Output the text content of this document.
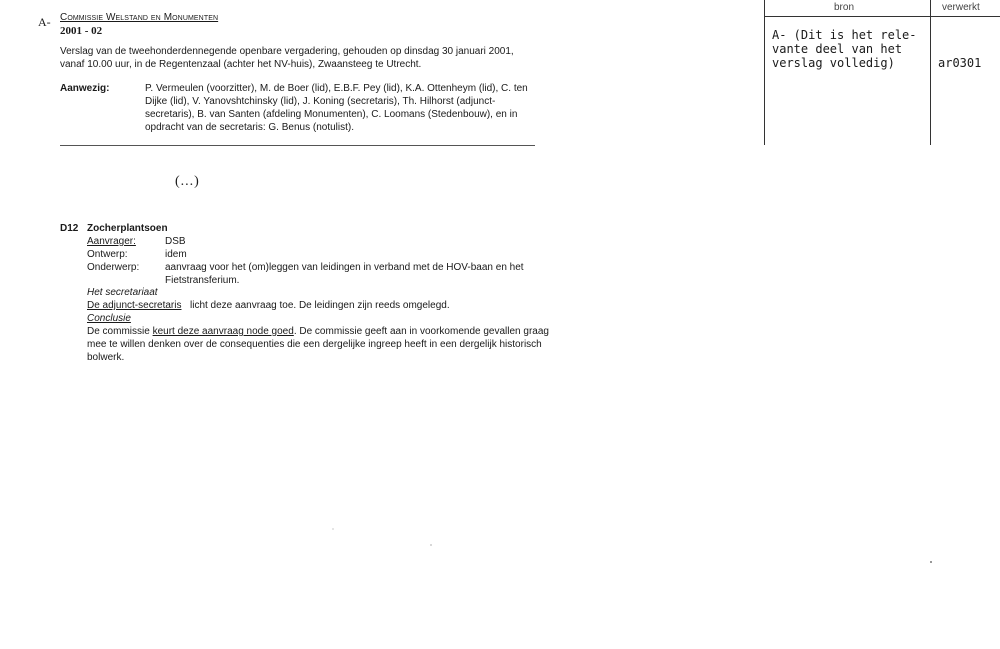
A- Commissie Welstand en Monumenten
2001 - 02
Verslag van de tweehonderdennegende openbare vergadering, gehouden op dinsdag 30 januari 2001, vanaf 10.00 uur, in de Regentenzaal (achter het NV-huis), Zwaansteeg te Utrecht.
Aanwezig:	P. Vermeulen (voorzitter), M. de Boer (lid), E.B.F. Pey (lid), K.A. Ottenheym (lid), C. ten Dijke (lid), V. Yanovshtchinsky (lid), J. Koning (secretaris), Th. Hilhorst (adjunct-secretaris), B. van Santen (afdeling Monumenten), C. Loomans (Stedenbouw), en in opdracht van de secretaris: G. Benus (notulist).
(...)
D12 Zocherplantsoen
Aanvrager:	DSB
Ontwerp:	idem
Onderwerp:	aanvraag voor het (om)leggen van leidingen in verband met de HOV-baan en het Fietstransferium.
Het secretariaat
De adjunct-secretaris licht deze aanvraag toe. De leidingen zijn reeds omgelegd.
Conclusie
De commissie keurt deze aanvraag node goed. De commissie geeft aan in voorkomende gevallen graag mee te willen denken over de consequenties die een dergelijke ingreep heeft in een dergelijk historisch bolwerk.
bron	verwerkt
A- (Dit is het rele-vante deel van het verslag volledig)	ar0301
